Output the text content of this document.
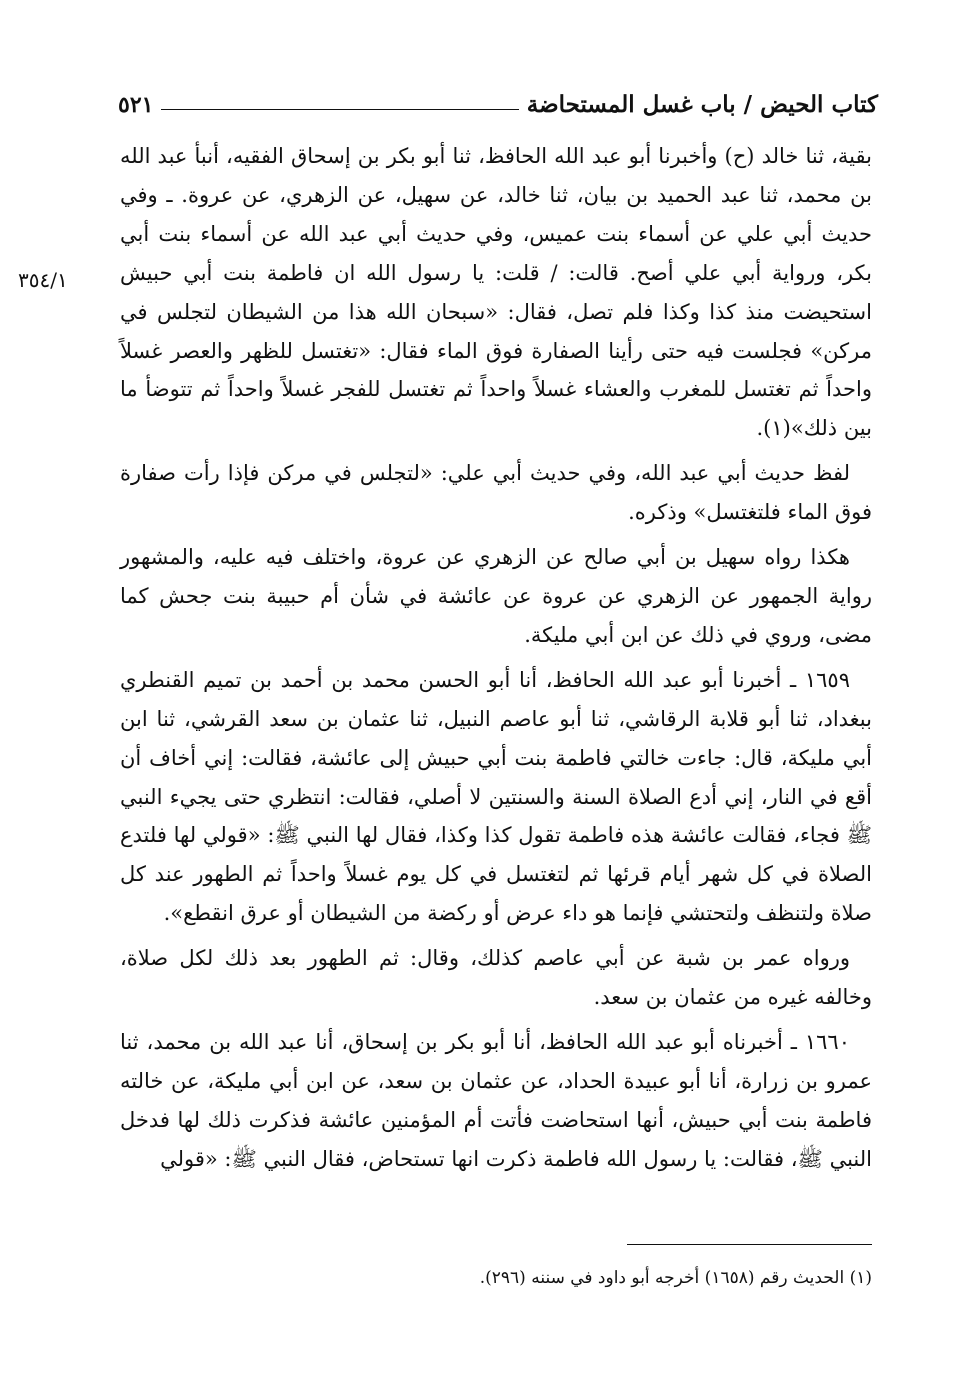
كتاب الحيض / باب غسل المستحاضة
٥٢١
٣٥٤/١

بقية، ثنا خالد (ح) وأخبرنا أبو عبد الله الحافظ، ثنا أبو بكر بن إسحاق الفقيه، أنبأ عبد الله بن محمد، ثنا عبد الحميد بن بيان، ثنا خالد، عن سهيل، عن الزهري، عن عروة. ـ وفي حديث أبي علي عن أسماء بنت عميس، وفي حديث أبي عبد الله عن أسماء بنت أبي بكر، ورواية أبي علي أصح. قالت: / قلت: يا رسول الله ان فاطمة بنت أبي حبيش استحيضت منذ كذا وكذا فلم تصل، فقال: «سبحان الله هذا من الشيطان لتجلس في مركن» فجلست فيه حتى رأينا الصفارة فوق الماء فقال: «تغتسل للظهر والعصر غسلاً واحداً ثم تغتسل للمغرب والعشاء غسلاً واحداً ثم تغتسل للفجر غسلاً واحداً ثم تتوضأ ما بين ذلك»(١).

لفظ حديث أبي عبد الله، وفي حديث أبي علي: «لتجلس في مركن فإذا رأت صفارة فوق الماء فلتغتسل» وذكره.

هكذا رواه سهيل بن أبي صالح عن الزهري عن عروة، واختلف فيه عليه، والمشهور رواية الجمهور عن الزهري عن عروة عن عائشة في شأن أم حبيبة بنت جحش كما مضى، وروي في ذلك عن ابن أبي مليكة.

١٦٥٩ ـ أخبرنا أبو عبد الله الحافظ، أنا أبو الحسن محمد بن أحمد بن تميم القنطري ببغداد، ثنا أبو قلابة الرقاشي، ثنا أبو عاصم النبيل، ثنا عثمان بن سعد القرشي، ثنا ابن أبي مليكة، قال: جاءت خالتي فاطمة بنت أبي حبيش إلى عائشة، فقالت: إني أخاف أن أقع في النار، إني أدع الصلاة السنة والسنتين لا أصلي، فقالت: انتظري حتى يجيء النبي ﷺ فجاء، فقالت عائشة هذه فاطمة تقول كذا وكذا، فقال لها النبي ﷺ: «قولي لها فلتدع الصلاة في كل شهر أيام قرئها ثم لتغتسل في كل يوم غسلاً واحداً ثم الطهور عند كل صلاة ولتنظف ولتحتشي فإنما هو داء عرض أو ركضة من الشيطان أو عرق انقطع».

ورواه عمر بن شبة عن أبي عاصم كذلك، وقال: ثم الطهور بعد ذلك لكل صلاة، وخالفه غيره من عثمان بن سعد.

١٦٦٠ ـ أخبرناه أبو عبد الله الحافظ، أنا أبو بكر بن إسحاق، أنا عبد الله بن محمد، ثنا عمرو بن زرارة، أنا أبو عبيدة الحداد، عن عثمان بن سعد، عن ابن أبي مليكة، عن خالته فاطمة بنت أبي حبيش، أنها استحاضت فأتت أم المؤمنين عائشة فذكرت ذلك لها فدخل النبي ﷺ، فقالت: يا رسول الله فاطمة ذكرت انها تستحاض، فقال النبي ﷺ: «قولي

(١) الحديث رقم (١٦٥٨) أخرجه أبو داود في سننه (٢٩٦).
